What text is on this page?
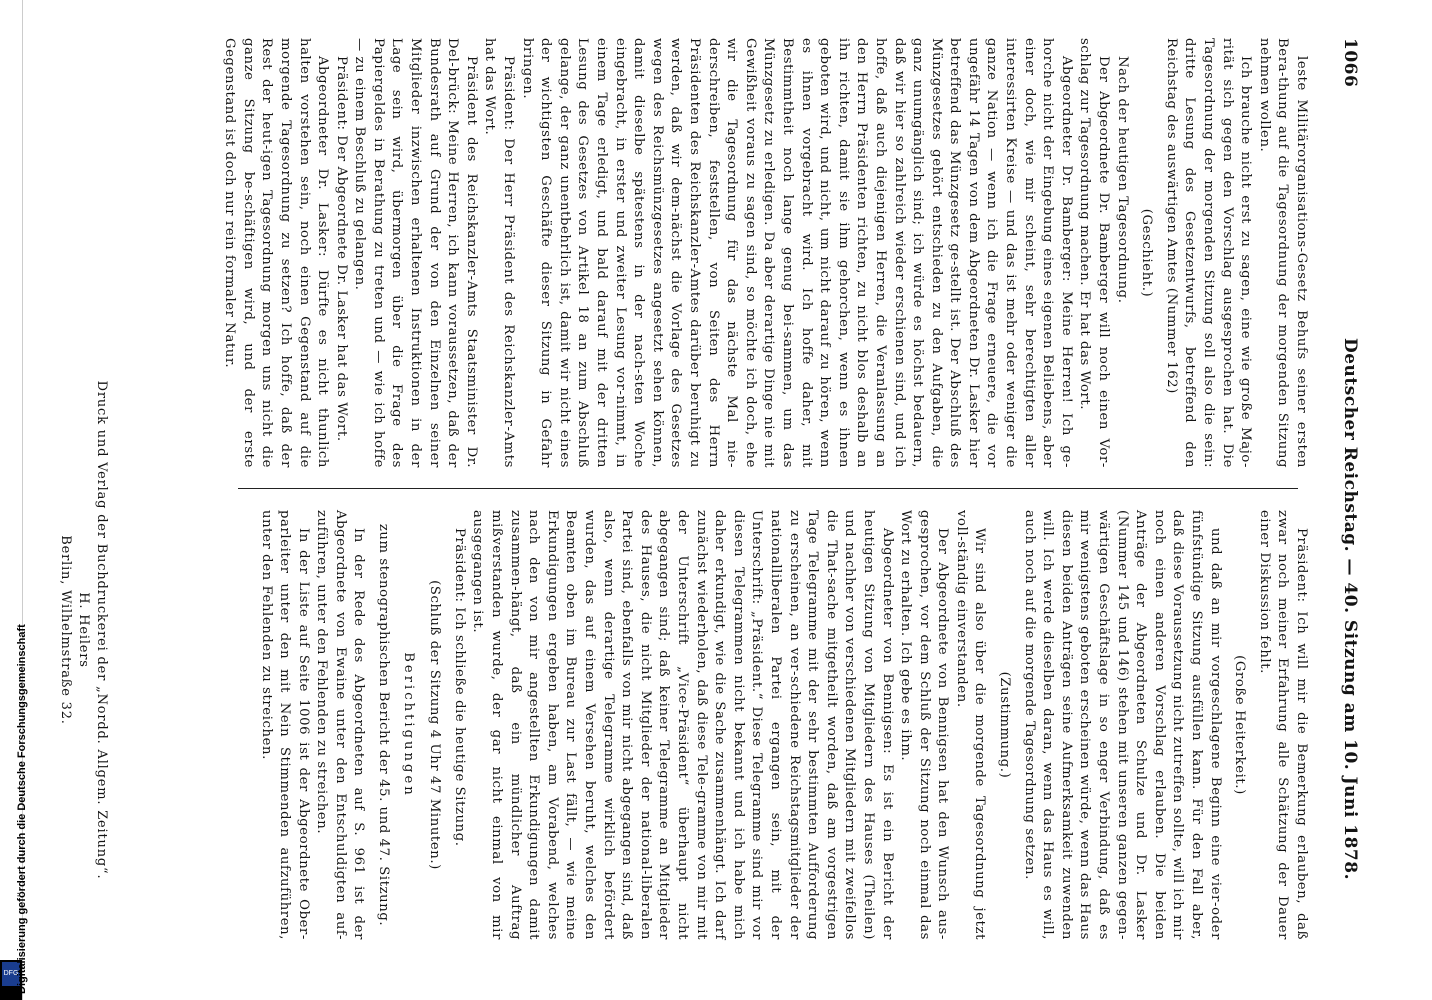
DFG
Digitalisierung gefördert durch die Deutsche Forschungsgemeinschaft
1066
Deutscher Reichstag. — 40. Sitzung am 10. Juni 1878.

leste Militärorganisations-Gesetz Behufs seiner ersten Bera-thung auf die Tagesordnung der morgenden Sitzung nehmen wollen.

Ich brauche nicht erst zu sagen, eine wie große Majo-rität sich gegen den Vorschlag ausgesprochen hat. Die Tagesordnung der morgenden Sitzung soll also die sein: dritte Lesung des Gesetzentwurfs, betreffend den Reichstag des auswärtigen Amtes (Nummer 162)

(Geschieht.)

Nach der heutigen Tagesordnung.

Der Abgeordnete Dr. Bamberger will noch einen Vor-schlag zur Tagesordnung machen. Er hat das Wort.

Abgeordneter Dr. Bamberger: Meine Herren! Ich ge-horche nicht der Eingebung eines eigenen Beliebens, aber einer doch, wie mir scheint, sehr berechtigten aller interessirten Kreise — und das ist mehr oder weniger die ganze Nation — wenn ich die Frage erneuere, die vor ungefähr 14 Tagen von dem Abgeordneten Dr. Lasker hier betreffend das Münzgesetz ge-stellt ist. Der Abschluß des Münzgesetzes gehört entschieden zu den Aufgaben, die ganz unumgänglich sind; ich würde es höchst bedauern, daß wir hier so zahlreich wieder erschienen sind, und ich hoffe, daß auch diejenigen Herren, die Veranlassung an den Herrn Präsidenten richten, zu nicht blos deshalb an ihn richten, damit sie ihm gehorchen, wenn es ihnen geboten wird, und nicht, um nicht darauf zu hören, wenn es ihnen vorgebracht wird. Ich hoffe daher, mit Bestimmtheit noch lange genug bei-sammen, um das Münzgesetz zu erledigen. Da aber derartige Dinge nie mit Gewißheit voraus zu sagen sind, so möchte ich doch, ehe wir die Tagesordnung für das nächste Mal nie-derschreiben, feststellen, von Seiten des Herrn Präsidenten des Reichskanzler-Amtes darüber beruhigt zu werden, daß wir dem-nächst die Vorlage des Gesetzes wegen des Reichsmünzgesetzes angesetzt sehen können, damit dieselbe spätestens in der nach-sten Woche eingebracht, in erster und zweiter Lesung vor-nimmt, in einem Tage erledigt, und bald darauf mit der dritten Lesung des Gesetzes von Artikel 18 an zum Abschluß gelange, der ganz unentbehrlich ist, damit wir nicht eines der wichtigsten Geschäfte dieser Sitzung in Gefahr bringen.

Präsident: Der Herr Präsident des Reichskanzler-Amts hat das Wort.

Präsident des Reichskanzler-Amts Staatsminister Dr. Del-brück: Meine Herren, ich kann voraussetzen, daß der Bundesrath auf Grund der von den Einzelnen seiner Mitglieder inzwischen erhaltenen Instruktionen in der Lage sein wird, übermorgen über die Frage des Papiergeldes in Berathung zu treten und — wie ich hoffe — zu einem Beschluß zu gelangen.

Präsident: Der Abgeordnete Dr. Lasker hat das Wort.

Abgeordneter Dr. Lasker: Dürfte es nicht thunlich halten vorstehen sein, noch einen Gegenstand auf die morgende Tagesordnung zu setzen? Ich hoffe, daß der Rest der heut-igen Tagesordnung morgen uns nicht die ganze Sitzung be-schäftigen wird, und der erste Gegenstand ist doch nur rein formaler Natur.

Präsident: Ich will mir die Bemerkung erlauben, daß zwar noch meiner Erfahrung alle Schätzung der Dauer einer Diskussion fehlt.

(Große Heiterkeit.)

und daß an mir vorgeschlagene Beginn eine vier-oder fünfstündige Sitzung ausfüllen kann. Für den Fall aber, daß diese Voraussetzung nicht zutreffen sollte, will ich mir noch einen anderen Vorschlag erlauben. Die beiden Anträge der Abgeordneten Schulze und Dr. Lasker (Nummer 145 und 146) stehen mit unseren ganzen gegen-wärtigen Geschäftslage in so enger Verbindung, daß es mir wenigstens geboten erscheinen würde, wenn das Haus diesen beiden Anträgen seine Aufmerksamkeit zuwenden will. Ich werde dieselben daran, wenn das Haus es will, auch noch auf die morgende Tagesordnung setzen.

(Zustimmung.)

Wir sind also über die morgende Tagesordnung jetzt voll-ständig einverstanden.

Der Abgeordnete von Bennigsen hat den Wunsch aus-gesprochen, vor dem Schluß der Sitzung noch einmal das Wort zu erhalten. Ich gebe es ihm.

Abgeordneter von Bennigsen: Es ist ein Bericht der heutigen Sitzung von Mitgliedern des Hauses (Theilen) und nachher von verschiedenen Mitgliedern mit zweifellos die That-sache mitgetheilt worden, daß am vorgestrigen Tage Telegramme mit der sehr bestimmten Aufforderung zu erscheinen, an ver-schiedene Reichstagsmitglieder der nationalliberalen Partei ergangen sein, mit der Unterschrift: „Präsident.“ Diese Telegramme sind mir vor diesen Telegrammen nicht bekannt und ich habe mich daher erkundigt, wie die Sache zusammenhängt. Ich darf zunächst wiederholen, daß diese Tele-gramme von mir mit der Unterschrift „Vice-Präsident“ überhaupt nicht abgegangen sind; daß keiner Telegramme an Mitglieder des Hauses, die nicht Mitglieder der national-liberalen Partei sind, ebenfalls von mir nicht abgegangen sind, daß also, wenn derartige Telegramme wirklich befördert wurden, das auf einem Versehen beruht, welches den Beamten oben im Bureau zur Last fällt, — wie meine Erkundigungen ergeben haben, am Vorabend, welches nach den von mir angestellten Erkundigungen damit zusammen-hängt, daß ein mündlicher Auftrag mißverstanden wurde, der gar nicht einmal von mir ausgegangen ist.

Präsident: Ich schließe die heutige Sitzung.

(Schluß der Sitzung 4 Uhr 47 Minuten.)

Berichtigungen

zum stenographischen Bericht der 45. und 47. Sitzung.

In der Rede des Abgeordneten auf S. 961 ist der Abgeordnete von Ewaine unter den Entschuldigten auf-zuführen, unter den Fehlenden zu streichen.

In der Liste auf Seite 1006 ist der Abgeordnete Ober-parleiter unter den mit Nein Stimmenden aufzuführen, unter den Fehlenden zu streichen.

Druck und Verlag der Buchdruckerei der „Nordd. Allgem. Zeitung“. H. Heilers

Berlin, Wilhelmstraße 32.
